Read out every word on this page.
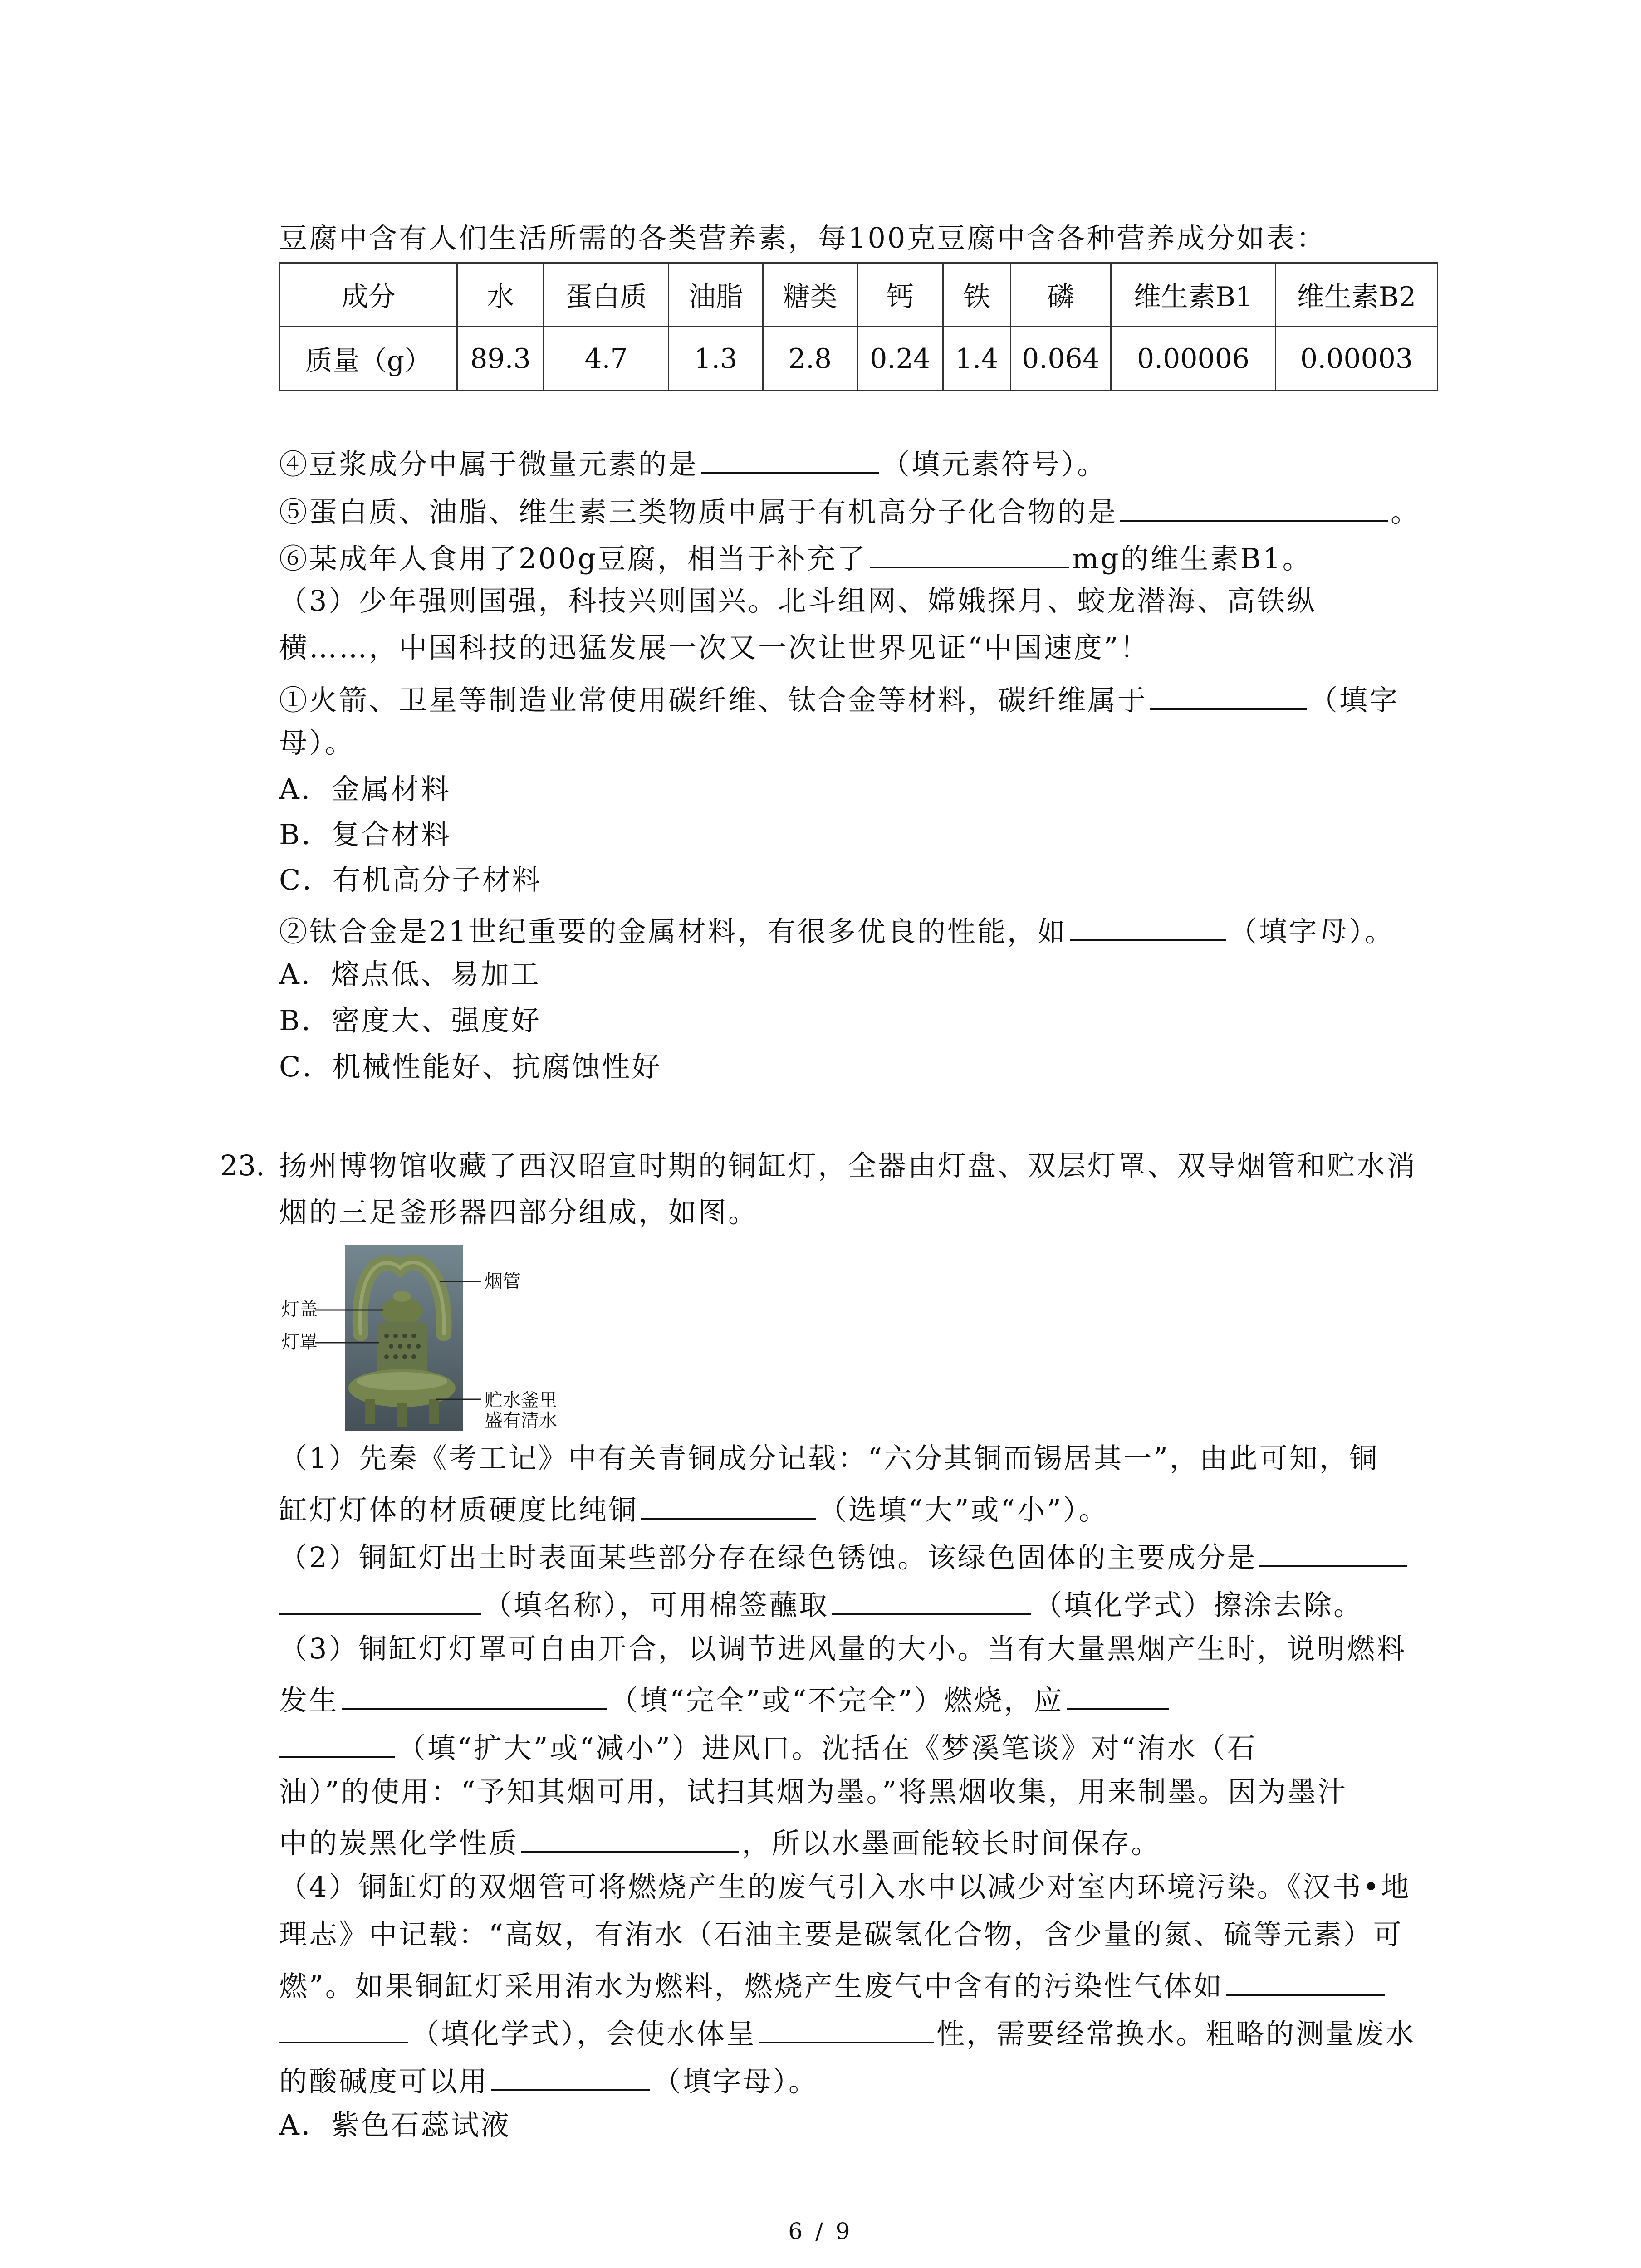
豆腐中含有人们生活所需的各类营养素，每100克豆腐中含各种营养成分如表：
成分	水	蛋白质	油脂	糖类	钙	铁	磷	维生素B1	维生素B2
质量（g）	89.3	4.7	1.3	2.8	0.24	1.4	0.064	0.00006	0.00003
④豆浆成分中属于微量元素的是	（填元素符号）。
⑤蛋白质、油脂、维生素三类物质中属于有机高分子化合物的是	。
⑥某成年人食用了200g豆腐，相当于补充了	mg的维生素B1。
（3）少年强则国强，科技兴则国兴。北斗组网、嫦娥探月、蛟龙潜海、高铁纵
横……，中国科技的迅猛发展一次又一次让世界见证“中国速度”！
①火箭、卫星等制造业常使用碳纤维、钛合金等材料，碳纤维属于	（填字
母）。
A．金属材料
B．复合材料
C．有机高分子材料
②钛合金是21世纪重要的金属材料，有很多优良的性能，如	（填字母）。
A．熔点低、易加工
B．密度大、强度好
C．机械性能好、抗腐蚀性好
23. 扬州博物馆收藏了西汉昭宣时期的铜缸灯，全器由灯盘、双层灯罩、双导烟管和贮水消
烟的三足釜形器四部分组成，如图。
烟管
灯盖
灯罩
贮水釜里
盛有清水
（1）先秦《考工记》中有关青铜成分记载：“六分其铜而锡居其一”，由此可知，铜
缸灯灯体的材质硬度比纯铜	（选填“大”或“小”）。
（2）铜缸灯出土时表面某些部分存在绿色锈蚀。该绿色固体的主要成分是
（填名称），可用棉签蘸取	（填化学式）擦涂去除。
（3）铜缸灯灯罩可自由开合，以调节进风量的大小。当有大量黑烟产生时，说明燃料
发生	（填“完全”或“不完全”）燃烧，应
（填“扩大”或“减小”）进风口。沈括在《梦溪笔谈》对“洧水（石
油）”的使用：“予知其烟可用，试扫其烟为墨。”将黑烟收集，用来制墨。因为墨汁
中的炭黑化学性质	，所以水墨画能较长时间保存。
（4）铜缸灯的双烟管可将燃烧产生的废气引入水中以减少对室内环境污染。《汉书•地
理志》中记载：“高奴，有洧水（石油主要是碳氢化合物，含少量的氮、硫等元素）可
燃”。如果铜缸灯采用洧水为燃料，燃烧产生废气中含有的污染性气体如
（填化学式），会使水体呈	性，需要经常换水。粗略的测量废水
的酸碱度可以用	（填字母）。
A．紫色石蕊试液
6 / 9
